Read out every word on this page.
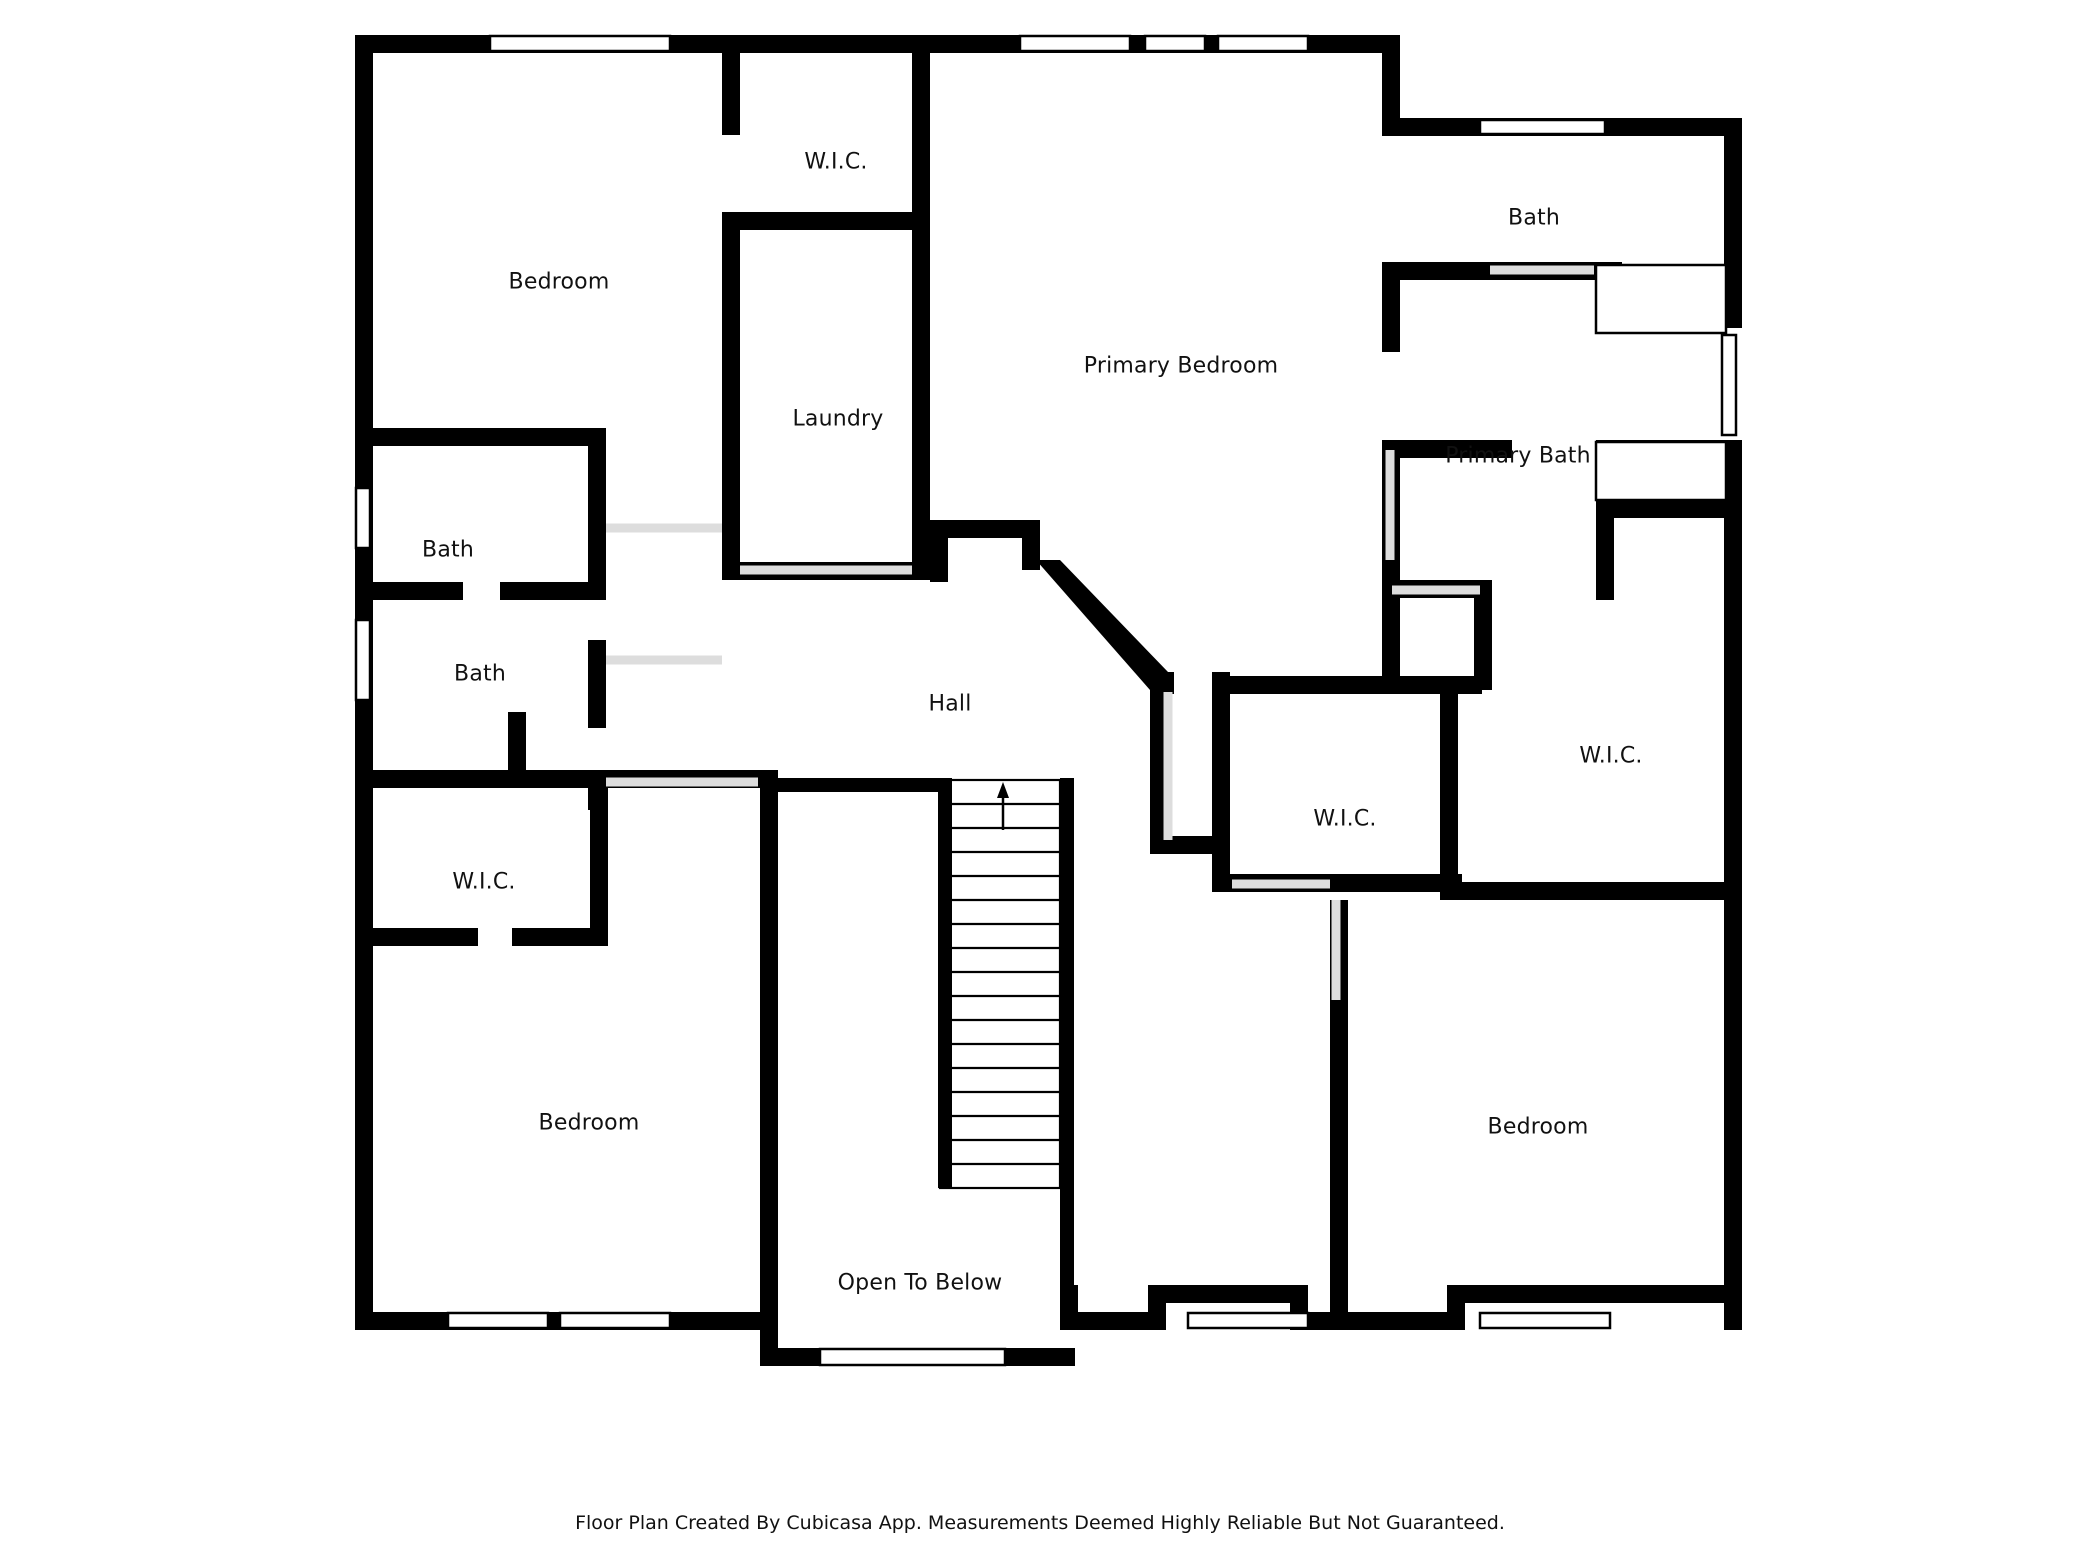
Bedroom
W.I.C.
Laundry
Primary Bedroom
Bath
Primary Bath
Bath
Bath
Hall
W.I.C.
W.I.C.
W.I.C.
Bedroom	Bedroom
Open To Below
Floor Plan Created By Cubicasa App. Measurements Deemed Highly Reliable But Not Guaranteed.
